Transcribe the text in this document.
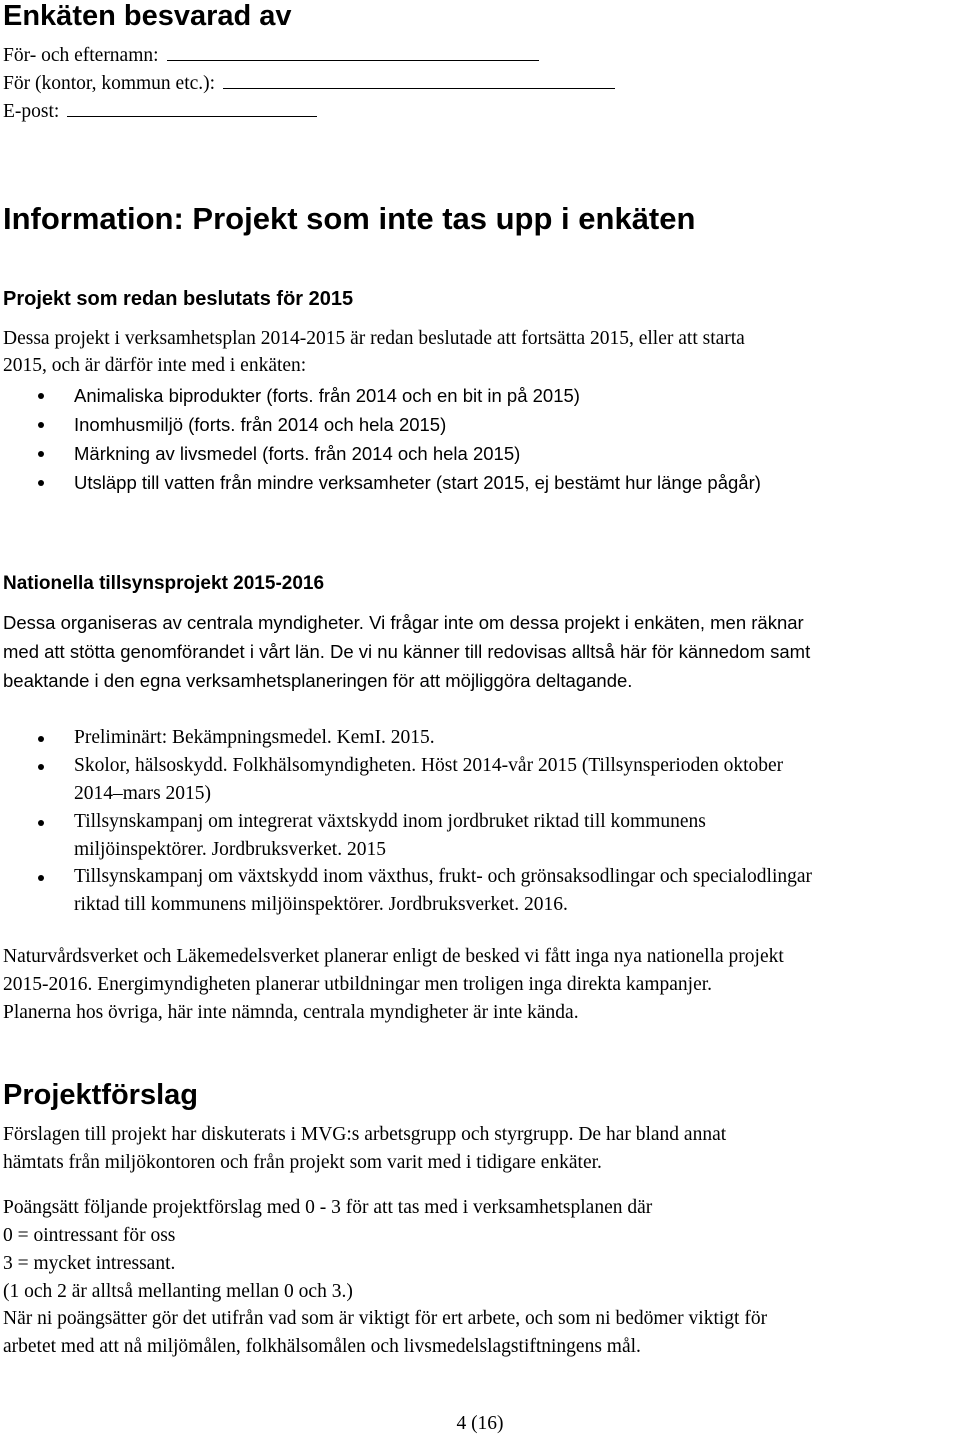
Enkäten besvarad av
För- och efternamn:
För (kontor, kommun etc.):
E-post:
Information: Projekt som inte tas upp i enkäten
Projekt som redan beslutats för 2015
Dessa projekt i verksamhetsplan 2014-2015 är redan beslutade att fortsätta 2015, eller att starta
2015, och är därför inte med i enkäten:
Animaliska biprodukter (forts. från 2014 och en bit in på 2015)
Inomhusmiljö (forts. från 2014 och hela 2015)
Märkning av livsmedel (forts. från 2014 och hela 2015)
Utsläpp till vatten från mindre verksamheter (start 2015, ej bestämt hur länge pågår)
Nationella tillsynsprojekt 2015-2016
Dessa organiseras av centrala myndigheter. Vi frågar inte om dessa projekt i enkäten, men räknar
med att stötta genomförandet i vårt län. De vi nu känner till redovisas alltså här för kännedom samt
beaktande i den egna verksamhetsplaneringen för att möjliggöra deltagande.
Preliminärt: Bekämpningsmedel. KemI. 2015.
Skolor, hälsoskydd. Folkhälsomyndigheten. Höst 2014-vår 2015 (Tillsynsperioden oktober
2014–mars 2015)
Tillsynskampanj om integrerat växtskydd inom jordbruket riktad till kommunens
miljöinspektörer. Jordbruksverket. 2015
Tillsynskampanj om växtskydd inom växthus, frukt- och grönsaksodlingar och specialodlingar
riktad till kommunens miljöinspektörer. Jordbruksverket. 2016.
Naturvårdsverket och Läkemedelsverket planerar enligt de besked vi fått inga nya nationella projekt
2015-2016. Energimyndigheten planerar utbildningar men troligen inga direkta kampanjer.
Planerna hos övriga, här inte nämnda, centrala myndigheter är inte kända.
Projektförslag
Förslagen till projekt har diskuterats i MVG:s arbetsgrupp och styrgrupp. De har bland annat
hämtats från miljökontoren och från projekt som varit med i tidigare enkäter.
Poängsätt följande projektförslag med 0 - 3 för att tas med i verksamhetsplanen där
0 = ointressant för oss
3 = mycket intressant.
(1 och 2 är alltså mellanting mellan 0 och 3.)
När ni poängsätter gör det utifrån vad som är viktigt för ert arbete, och som ni bedömer viktigt för
arbetet med att nå miljömålen, folkhälsomålen och livsmedelslagstiftningens mål.
4 (16)
